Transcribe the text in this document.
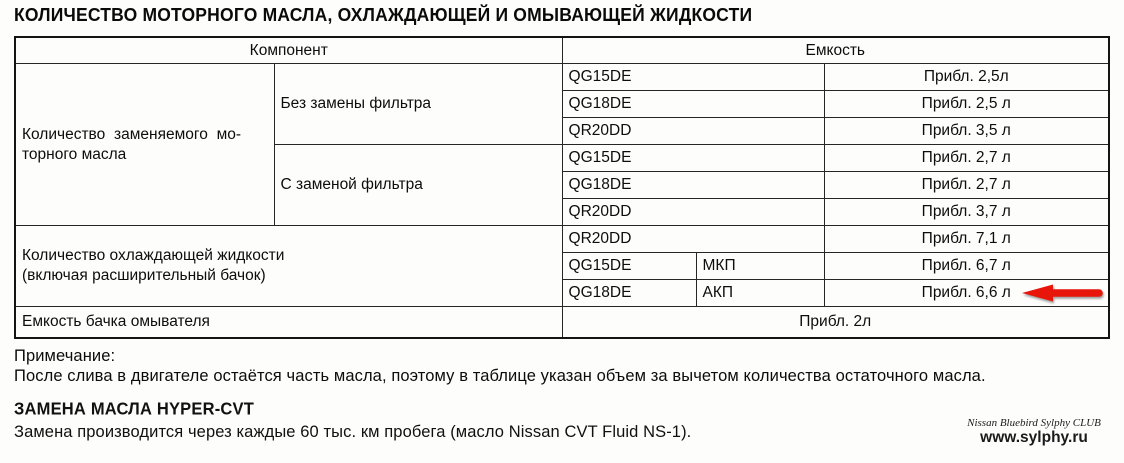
КОЛИЧЕСТВО МОТОРНОГО МАСЛА, ОХЛАЖДАЮЩЕЙ И ОМЫВАЮЩЕЙ ЖИДКОСТИ
Компонент		Емкость		

Количество заменяемого мо-
торного масла	Без замены фильтра	QG15DE		Прибл. 2,5л
		QG18DE		Прибл. 2,5 л
		QR20DD		Прибл. 3,5 л
	С заменой фильтра	QG15DE		Прибл. 2,7 л
		QG18DE		Прибл. 2,7 л
		QR20DD		Прибл. 3,7 л

Количество охлаждающей жидкости
(включая расширительный бачок)		QR20DD		Прибл. 7,1 л
		QG15DE	МКП	Прибл. 6,7 л
		QG18DE	АКП	Прибл. 6,6 л

Емкость бачка омывателя		Прибл. 2л		
Примечание:
После слива в двигателе остаётся часть масла, поэтому в таблице указан объем за вычетом количества остаточного масла.
ЗАМЕНА МАСЛА HYPER-CVT
Замена производится через каждые 60 тыс. км пробега (масло Nissan CVT Fluid NS-1).	Nissan Bluebird Sylphy CLUB
www.sylphy.ru
